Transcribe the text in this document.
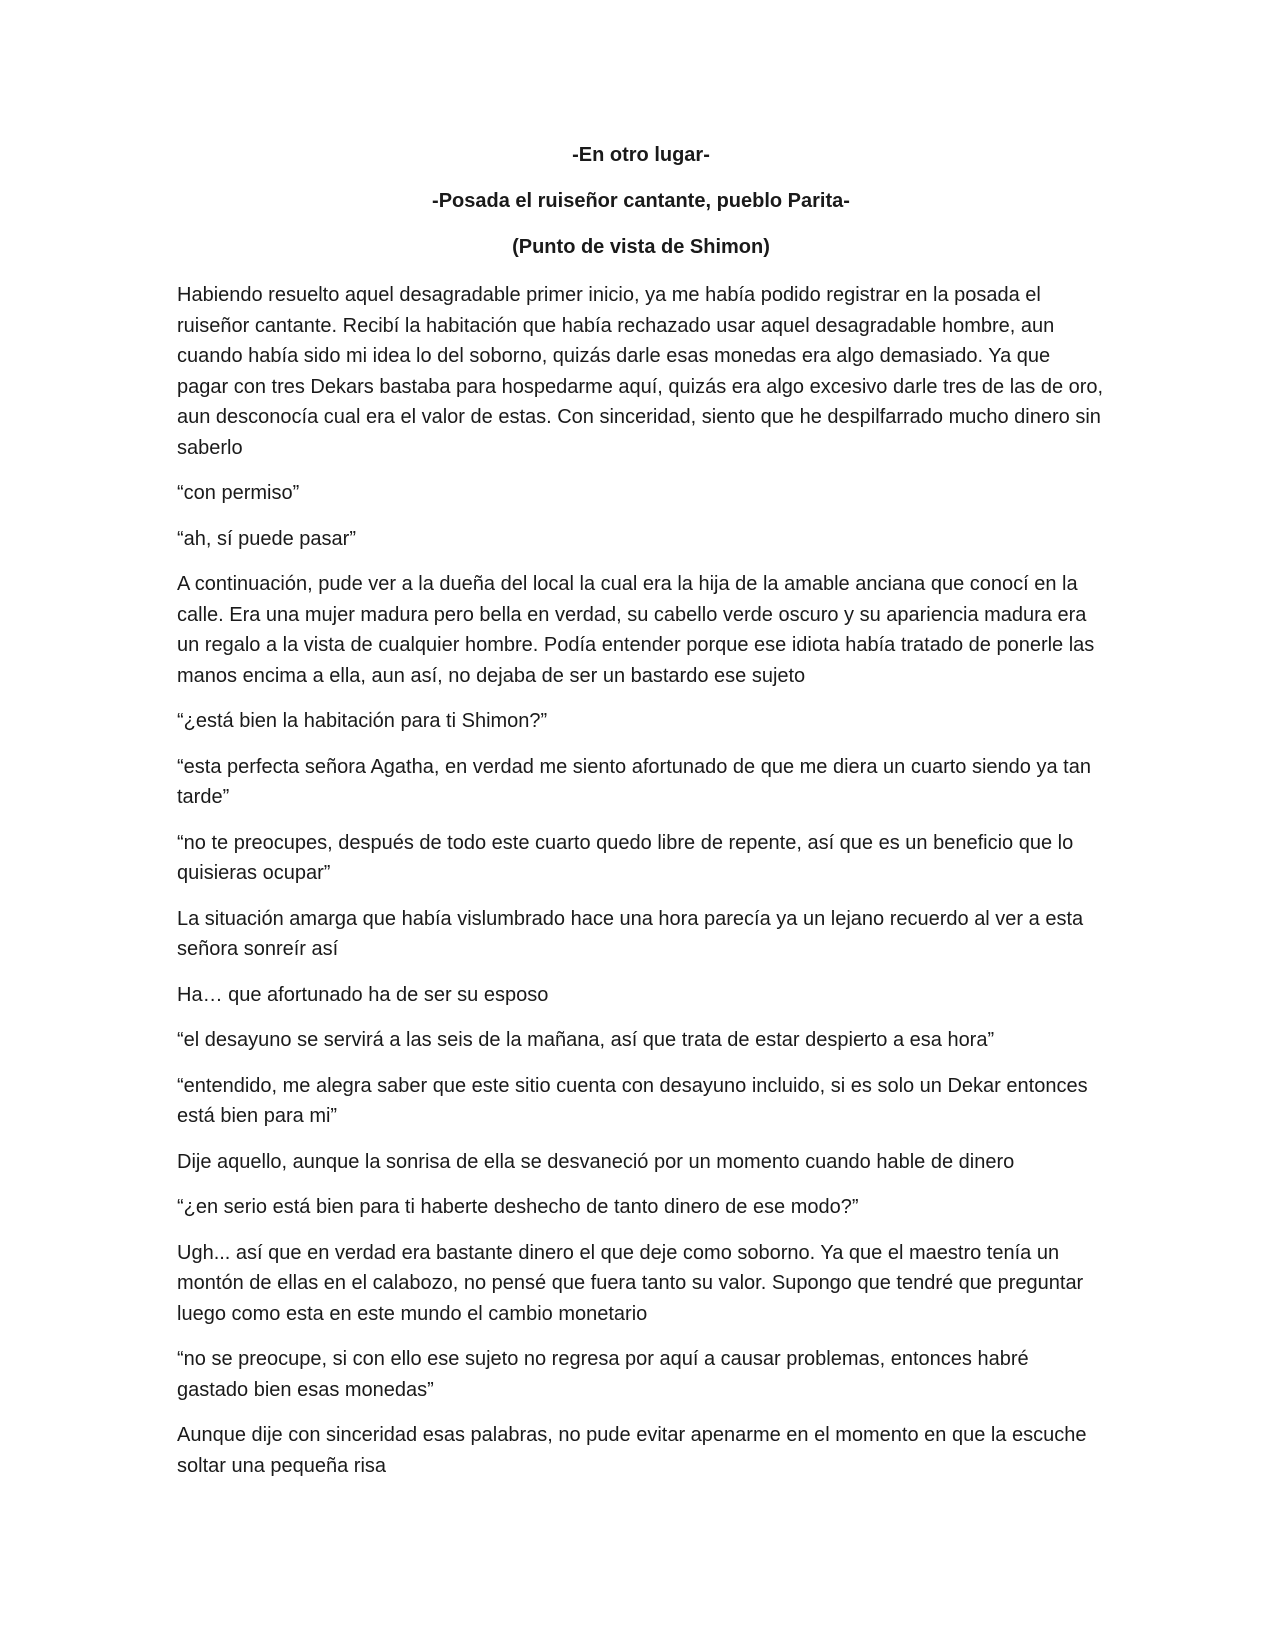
-En otro lugar-

-Posada el ruiseñor cantante, pueblo Parita-

(Punto de vista de Shimon)

Habiendo resuelto aquel desagradable primer inicio, ya me había podido registrar en la posada el ruiseñor cantante. Recibí la habitación que había rechazado usar aquel desagradable hombre, aun cuando había sido mi idea lo del soborno, quizás darle esas monedas era algo demasiado. Ya que pagar con tres Dekars bastaba para hospedarme aquí, quizás era algo excesivo darle tres de las de oro, aun desconocía cual era el valor de estas. Con sinceridad, siento que he despilfarrado mucho dinero sin saberlo

“con permiso”

“ah, sí puede pasar”

A continuación, pude ver a la dueña del local la cual era la hija de la amable anciana que conocí en la calle. Era una mujer madura pero bella en verdad, su cabello verde oscuro y su apariencia madura era un regalo a la vista de cualquier hombre. Podía entender porque ese idiota había tratado de ponerle las manos encima a ella, aun así, no dejaba de ser un bastardo ese sujeto

“¿está bien la habitación para ti Shimon?”

“esta perfecta señora Agatha, en verdad me siento afortunado de que me diera un cuarto siendo ya tan tarde”

“no te preocupes, después de todo este cuarto quedo libre de repente, así que es un beneficio que lo quisieras ocupar”

La situación amarga que había vislumbrado hace una hora parecía ya un lejano recuerdo al ver a esta señora sonreír así

Ha… que afortunado ha de ser su esposo

“el desayuno se servirá a las seis de la mañana, así que trata de estar despierto a esa hora”

“entendido, me alegra saber que este sitio cuenta con desayuno incluido, si es solo un Dekar entonces está bien para mi”

Dije aquello, aunque la sonrisa de ella se desvaneció por un momento cuando hable de dinero

“¿en serio está bien para ti haberte deshecho de tanto dinero de ese modo?”

Ugh... así que en verdad era bastante dinero el que deje como soborno. Ya que el maestro tenía un montón de ellas en el calabozo, no pensé que fuera tanto su valor. Supongo que tendré que preguntar luego como esta en este mundo el cambio monetario

“no se preocupe, si con ello ese sujeto no regresa por aquí a causar problemas, entonces habré gastado bien esas monedas”

Aunque dije con sinceridad esas palabras, no pude evitar apenarme en el momento en que la escuche soltar una pequeña risa
